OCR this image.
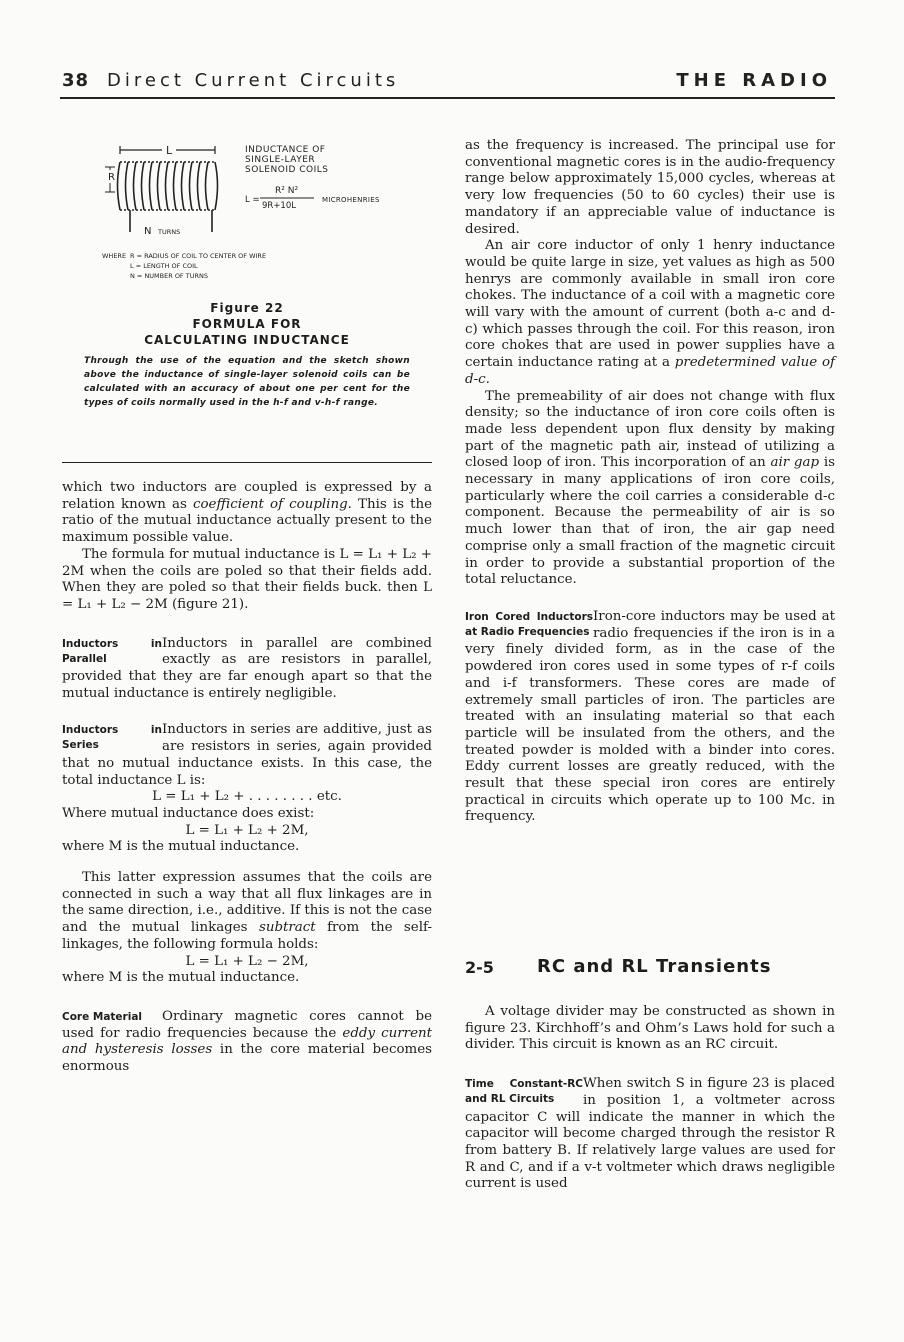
38 Direct Current Circuits	THE RADIO
L
R
N TURNS
INDUCTANCE OF
SINGLE-LAYER
SOLENOID COILS
L =
R² N²
9R+10L
MICROHENRIES
WHERE R = RADIUS OF COIL TO CENTER OF WIRE
L = LENGTH OF COIL
N = NUMBER OF TURNS
Figure 22
FORMULA FOR
CALCULATING INDUCTANCE
Through the use of the equation and the sketch shown above the inductance of single-layer solenoid coils can be calculated with an accuracy of about one per cent for the types of coils normally used in the h-f and v-h-f range.

which two inductors are coupled is expressed by a relation known as coefficient of coupling. This is the ratio of the mutual inductance actually present to the maximum possible value.

The formula for mutual inductance is L = L₁ + L₂ + 2M when the coils are poled so that their fields add. When they are poled so that their fields buck. then L = L₁ + L₂ − 2M (figure 21).

Inductors in Parallel
Inductors in parallel are combined exactly as are resistors in parallel, provided that they are far enough apart so that the mutual inductance is entirely negligible.
Inductors in Series
Inductors in series are additive, just as are resistors in series, again provided that no mutual inductance exists. In this case, the total inductance L is:

L = L₁ + L₂ + . . . . . . . . etc.

Where mutual inductance does exist:

L = L₁ + L₂ + 2M,

where M is the mutual inductance.

This latter expression assumes that the coils are connected in such a way that all flux linkages are in the same direction, i.e., additive. If this is not the case and the mutual linkages subtract from the self-linkages, the following formula holds:

L = L₁ + L₂ − 2M,

where M is the mutual inductance.

Core Material	Ordinary magnetic cores cannot be used for radio frequencies because the eddy current and hysteresis losses in the core material becomes enormous

as the frequency is increased. The principal use for conventional magnetic cores is in the audio-frequency range below approximately 15,000 cycles, whereas at very low frequencies (50 to 60 cycles) their use is mandatory if an appreciable value of inductance is desired.

An air core inductor of only 1 henry inductance would be quite large in size, yet values as high as 500 henrys are commonly available in small iron core chokes. The inductance of a coil with a magnetic core will vary with the amount of current (both a-c and d-c) which passes through the coil. For this reason, iron core chokes that are used in power supplies have a certain inductance rating at a predetermined value of d-c.

The premeability of air does not change with flux density; so the inductance of iron core coils often is made less dependent upon flux density by making part of the magnetic path air, instead of utilizing a closed loop of iron. This incorporation of an air gap is necessary in many applications of iron core coils, particularly where the coil carries a considerable d-c component. Because the permeability of air is so much lower than that of iron, the air gap need comprise only a small fraction of the magnetic circuit in order to provide a substantial proportion of the total reluctance.

Iron Cored Inductors at Radio Frequencies
Iron-core inductors may be used at radio frequencies if the iron is in a very finely divided form, as in the case of the powdered iron cores used in some types of r-f coils and i-f transformers. These cores are made of extremely small particles of iron. The particles are treated with an insulating material so that each particle will be insulated from the others, and the treated powder is molded with a binder into cores. Eddy current losses are greatly reduced, with the result that these special iron cores are entirely practical in circuits which operate up to 100 Mc. in frequency.
2-5 RC and RL Transients

A voltage divider may be constructed as shown in figure 23. Kirchhoff’s and Ohm’s Laws hold for such a divider. This circuit is known as an RC circuit.

Time Constant-RC and RL Circuits
When switch S in figure 23 is placed in position 1, a voltmeter across capacitor C will indicate the manner in which the capacitor will become charged through the resistor R from battery B. If relatively large values are used for R and C, and if a v-t voltmeter which draws negligible current is used
